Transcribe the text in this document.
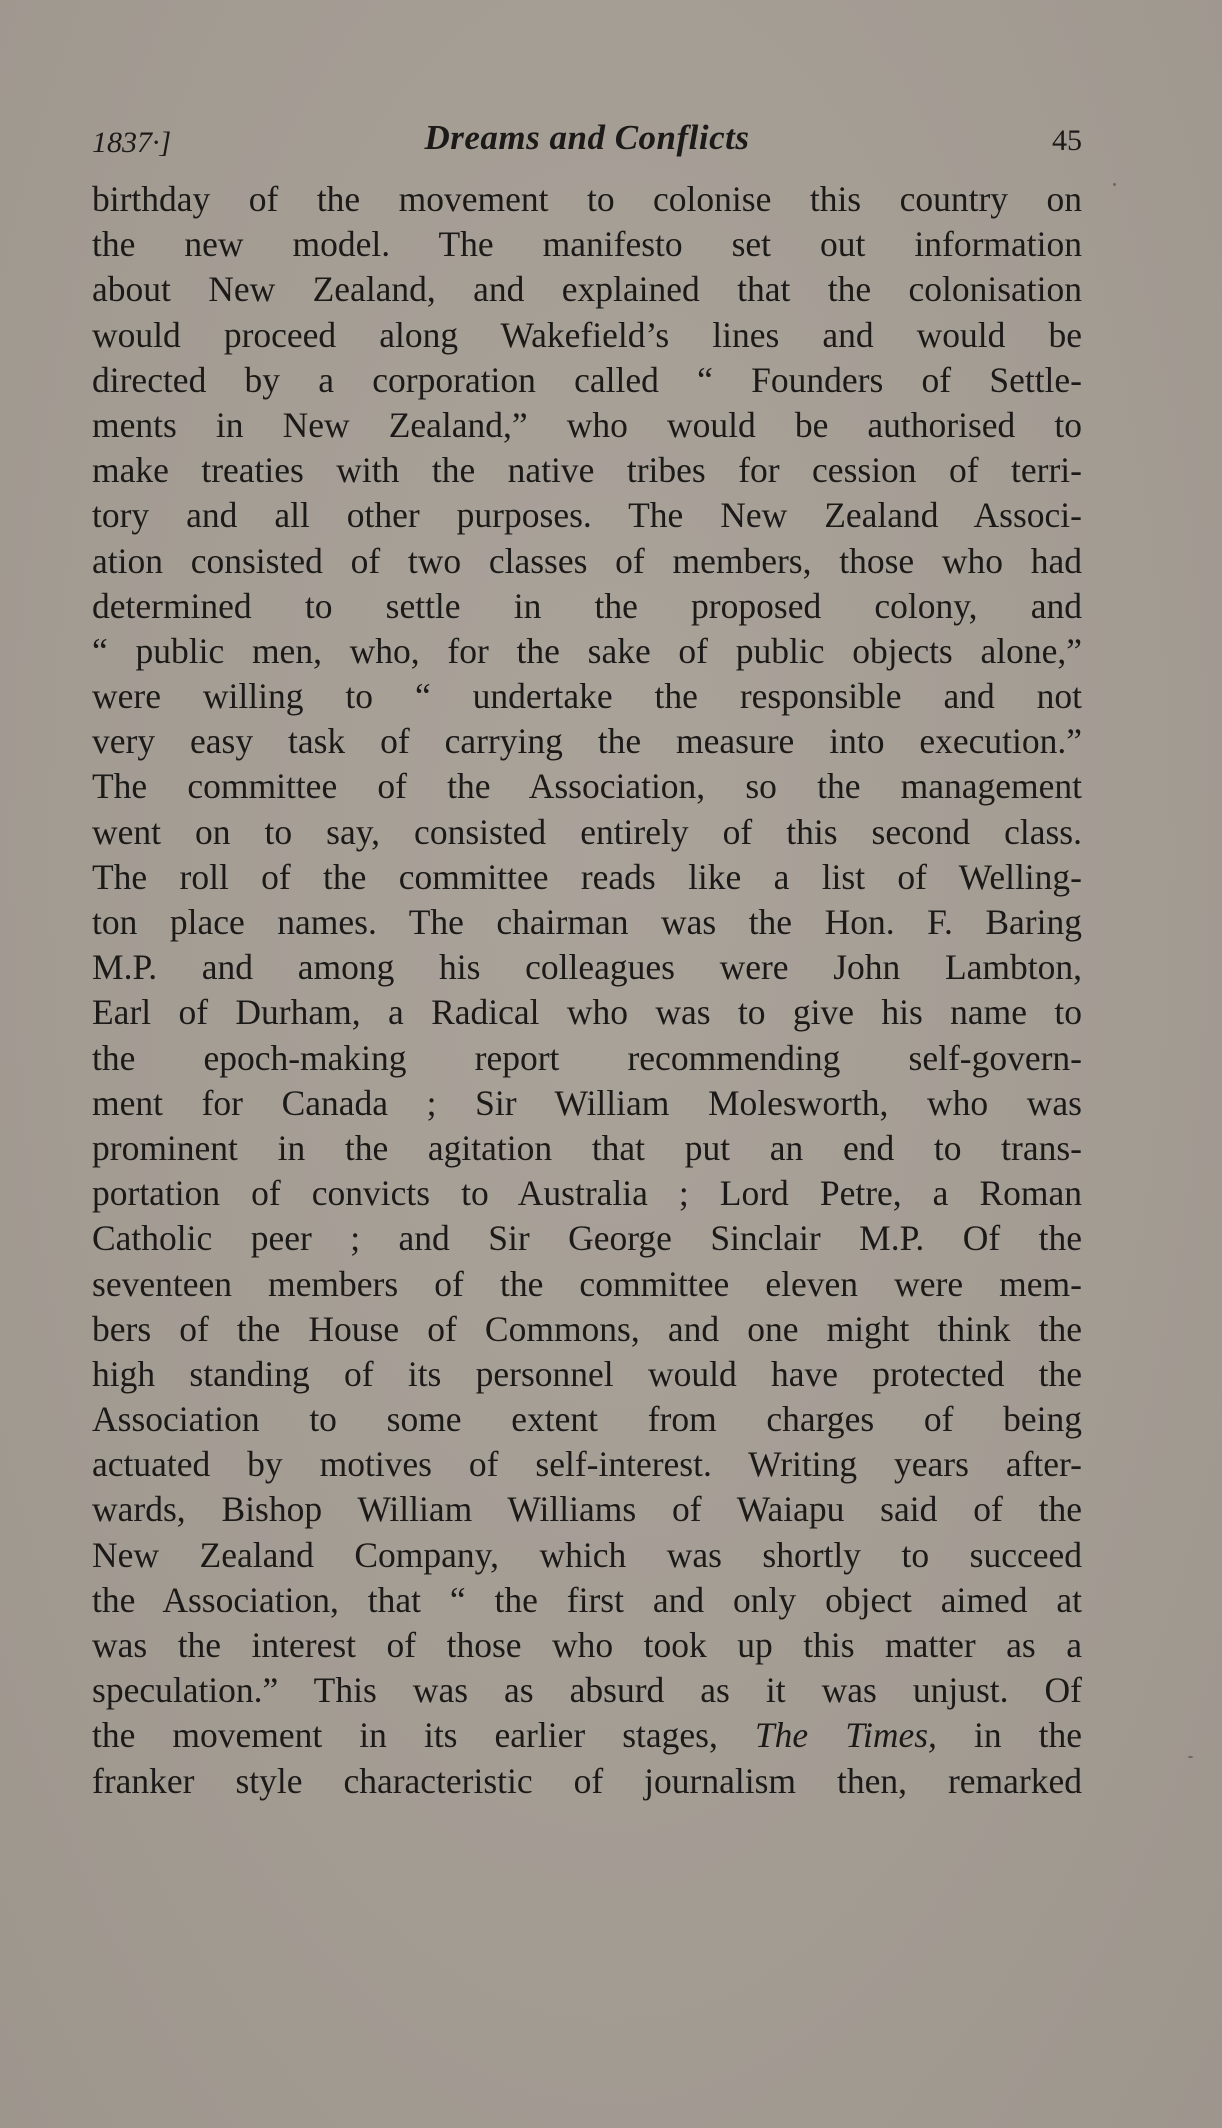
1837·]	Dreams and Conflicts	45
birthday of the movement to colonise this country on
the new model. The manifesto set out information
about New Zealand, and explained that the colonisation
would proceed along Wakefield’s lines and would be
directed by a corporation called “ Founders of Settle-
ments in New Zealand,” who would be authorised to
make treaties with the native tribes for cession of terri-
tory and all other purposes. The New Zealand Associ-
ation consisted of two classes of members, those who had
determined to settle in the proposed colony, and
“ public men, who, for the sake of public objects alone,”
were willing to “ undertake the responsible and not
very easy task of carrying the measure into execution.”
The committee of the Association, so the management
went on to say, consisted entirely of this second class.
The roll of the committee reads like a list of Welling-
ton place names. The chairman was the Hon. F. Baring
M.P. and among his colleagues were John Lambton,
Earl of Durham, a Radical who was to give his name to
the epoch-making report recommending self-govern-
ment for Canada ; Sir William Molesworth, who was
prominent in the agitation that put an end to trans-
portation of convicts to Australia ; Lord Petre, a Roman
Catholic peer ; and Sir George Sinclair M.P. Of the
seventeen members of the committee eleven were mem-
bers of the House of Commons, and one might think the
high standing of its personnel would have protected the
Association to some extent from charges of being
actuated by motives of self-interest. Writing years after-
wards, Bishop William Williams of Waiapu said of the
New Zealand Company, which was shortly to succeed
the Association, that “ the first and only object aimed at
was the interest of those who took up this matter as a
speculation.” This was as absurd as it was unjust. Of
the movement in its earlier stages, The Times, in the
franker style characteristic of journalism then, remarked
